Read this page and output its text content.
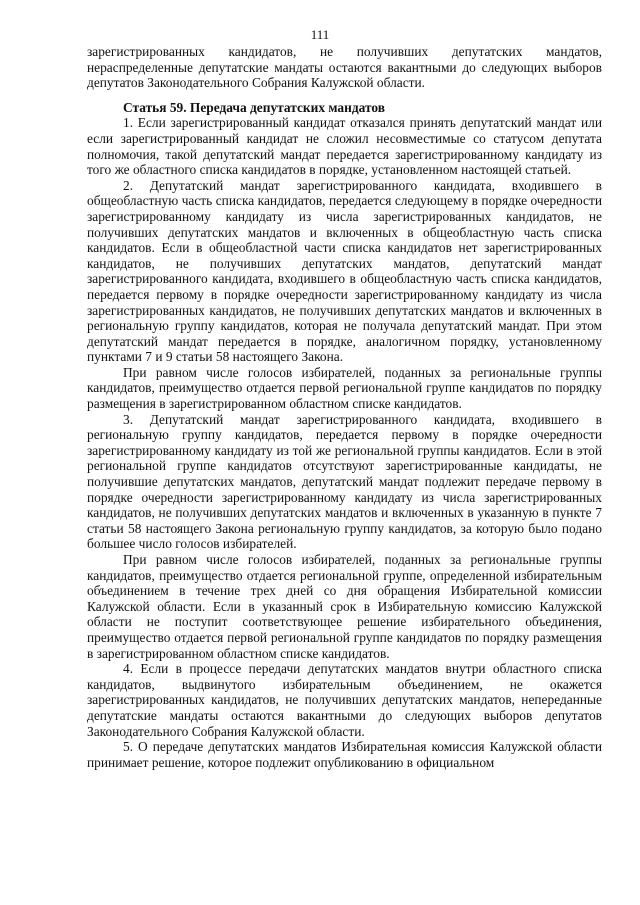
111

зарегистрированных кандидатов, не получивших депутатских мандатов, нераспределенные депутатские мандаты остаются вакантными до следующих выборов депутатов Законодательного Собрания Калужской области.

Статья 59. Передача депутатских мандатов

1. Если зарегистрированный кандидат отказался принять депутатский мандат или если зарегистрированный кандидат не сложил несовместимые со статусом депутата полномочия, такой депутатский мандат передается зарегистрированному кандидату из того же областного списка кандидатов в порядке, установленном настоящей статьей.

2. Депутатский мандат зарегистрированного кандидата, входившего в общеобластную часть списка кандидатов, передается следующему в порядке очередности зарегистрированному кандидату из числа зарегистрированных кандидатов, не получивших депутатских мандатов и включенных в общеобластную часть списка кандидатов. Если в общеобластной части списка кандидатов нет зарегистрированных кандидатов, не получивших депутатских мандатов, депутатский мандат зарегистрированного кандидата, входившего в общеобластную часть списка кандидатов, передается первому в порядке очередности зарегистрированному кандидату из числа зарегистрированных кандидатов, не получивших депутатских мандатов и включенных в региональную группу кандидатов, которая не получала депутатский мандат. При этом депутатский мандат передается в порядке, аналогичном порядку, установленному пунктами 7 и 9 статьи 58 настоящего Закона.

При равном числе голосов избирателей, поданных за региональные группы кандидатов, преимущество отдается первой региональной группе кандидатов по порядку размещения в зарегистрированном областном списке кандидатов.

3. Депутатский мандат зарегистрированного кандидата, входившего в региональную группу кандидатов, передается первому в порядке очередности зарегистрированному кандидату из той же региональной группы кандидатов. Если в этой региональной группе кандидатов отсутствуют зарегистрированные кандидаты, не получившие депутатских мандатов, депутатский мандат подлежит передаче первому в порядке очередности зарегистрированному кандидату из числа зарегистрированных кандидатов, не получивших депутатских мандатов и включенных в указанную в пункте 7 статьи 58 настоящего Закона региональную группу кандидатов, за которую было подано большее число голосов избирателей.

При равном числе голосов избирателей, поданных за региональные группы кандидатов, преимущество отдается региональной группе, определенной избирательным объединением в течение трех дней со дня обращения Избирательной комиссии Калужской области. Если в указанный срок в Избирательную комиссию Калужской области не поступит соответствующее решение избирательного объединения, преимущество отдается первой региональной группе кандидатов по порядку размещения в зарегистрированном областном списке кандидатов.

4. Если в процессе передачи депутатских мандатов внутри областного списка кандидатов, выдвинутого избирательным объединением, не окажется зарегистрированных кандидатов, не получивших депутатских мандатов, непереданные депутатские мандаты остаются вакантными до следующих выборов депутатов Законодательного Собрания Калужской области.

5. О передаче депутатских мандатов Избирательная комиссия Калужской области принимает решение, которое подлежит опубликованию в официальном
